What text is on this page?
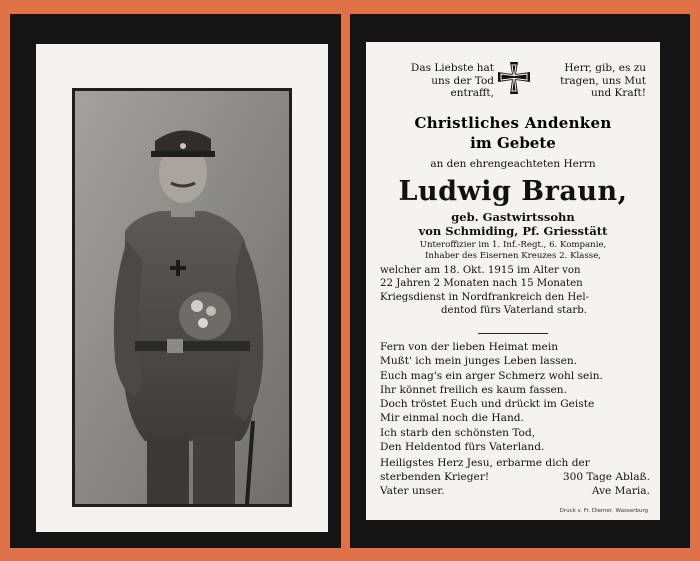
Das Liebste hat
uns der Tod
entrafft,
Herr, gib, es zu
tragen, uns Mut
und Kraft!
Christliches Andenken
im Gebete
an den ehrengeachteten Herrn
Ludwig Braun,
geb. Gastwirtssohn
von Schmiding, Pf. Griesstätt
Unteroffizier im 1. Inf.-Regt., 6. Kompanie,
Inhaber des Eisernen Kreuzes 2. Klasse,
welcher am 18. Okt. 1915 im Alter von
22 Jahren 2 Monaten nach 15 Monaten
Kriegsdienst in Nordfrankreich den Hel-
dentod fürs Vaterland starb.
Fern von der lieben Heimat mein
Mußt' ich mein junges Leben lassen.
Euch mag's ein arger Schmerz wohl sein.
Ihr könnet freilich es kaum fassen.
Doch tröstet Euch und drückt im Geiste
Mir einmal noch die Hand.
Ich starb den schönsten Tod,
Den Heldentod fürs Vaterland.
Heiligstes Herz Jesu, erbarme dich der
sterbenden Krieger!	300 Tage Ablaß.
Vater unser.	Ave Maria.
Druck v. Fr. Diemer, Wasserburg
